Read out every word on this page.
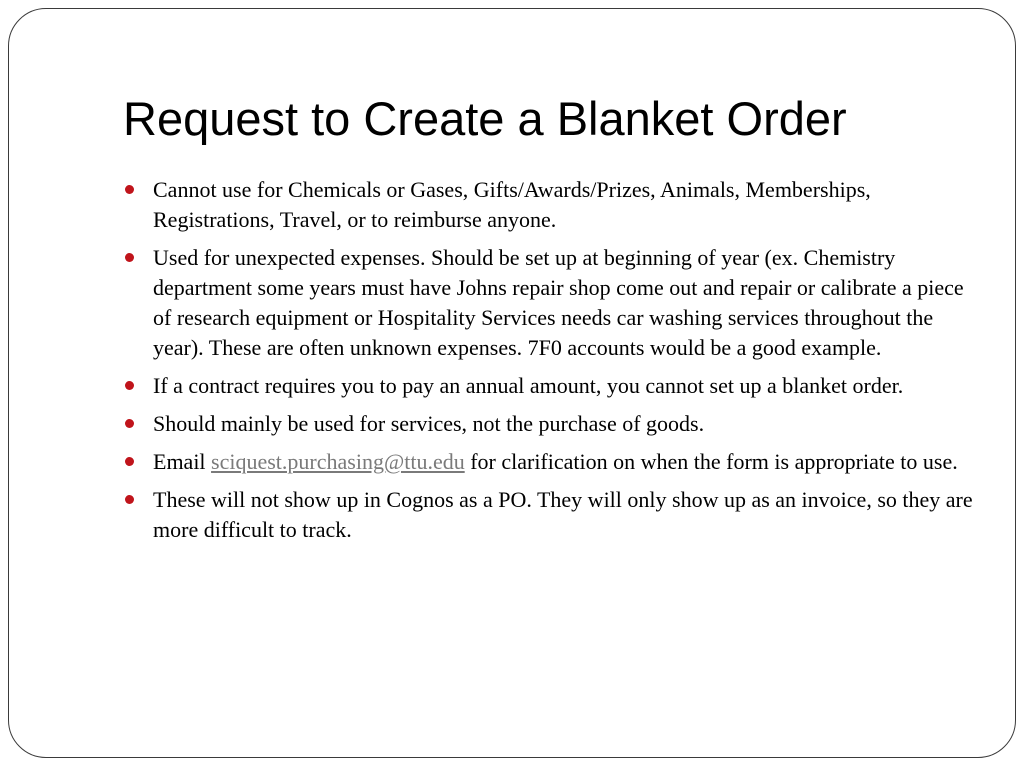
Request to Create a Blanket Order
Cannot use for Chemicals or Gases, Gifts/Awards/Prizes, Animals, Memberships, Registrations, Travel, or to reimburse anyone.
Used for unexpected expenses. Should be set up at beginning of year (ex. Chemistry department some years must have Johns repair shop come out and repair or calibrate a piece of research equipment or Hospitality Services needs car washing services throughout the year). These are often unknown expenses. 7F0 accounts would be a good example.
If a contract requires you to pay an annual amount, you cannot set up a blanket order.
Should mainly be used for services, not the purchase of goods.
Email sciquest.purchasing@ttu.edu for clarification on when the form is appropriate to use.
These will not show up in Cognos as a PO. They will only show up as an invoice, so they are more difficult to track.
